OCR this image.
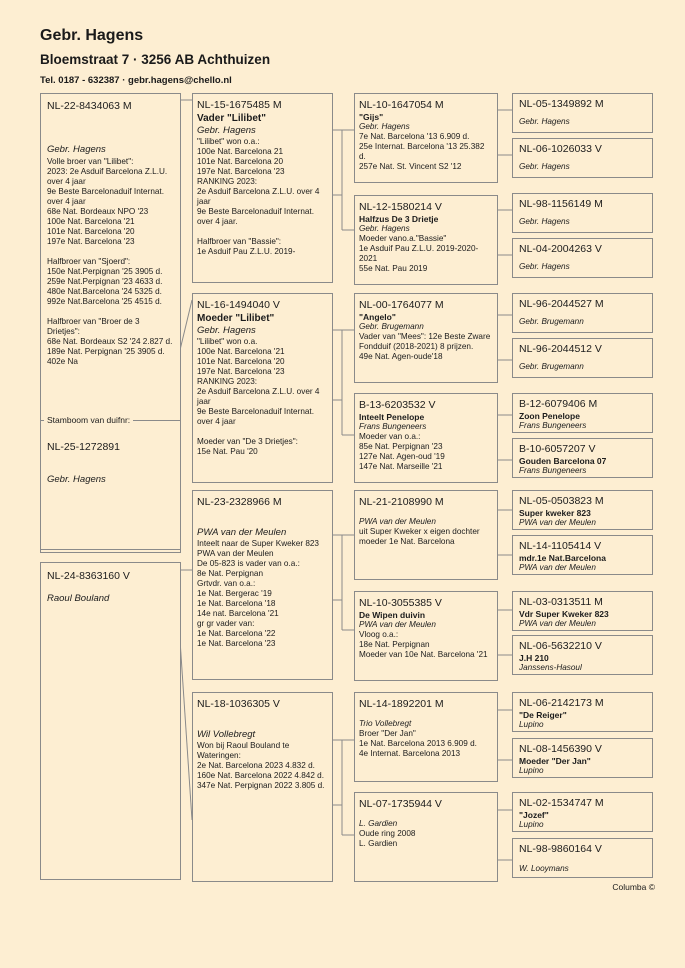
Gebr. Hagens
Bloemstraat 7 · 3256 AB Achthuizen
Tel. 0187 - 632387 · gebr.hagens@chello.nl
NL-22-8434063 M
Gebr. Hagens
Volle broer van "Lilibet":
2023: 2e Asduif Barcelona Z.L.U. over 4 jaar
9e Beste Barcelonaduif Internat. over 4 jaar
68e Nat. Bordeaux NPO '23
100e Nat. Barcelona '21
101e Nat. Barcelona '20
197e Nat. Barcelona '23

Halfbroer van "Sjoerd":
150e Nat.Perpignan '25 3905 d.
259e Nat.Perpignan '23 4633 d.
480e Nat.Barcelona '24 5325 d.
992e Nat.Barcelona '25 4515 d.

Halfbroer van "Broer de 3 Drietjes":
68e Nat. Bordeaux S2 '24 2.827 d.
189e Nat. Perpignan '25 3905 d.
402e Na
NL-25-1272891
Gebr. Hagens
Stamboom van duifnr:
NL-24-8363160 V
Raoul Bouland
NL-15-1675485 M
Vader "Lilibet"
Gebr. Hagens
"Lilibet" won o.a.:
100e Nat. Barcelona 21
101e Nat. Barcelona 20
197e Nat. Barcelona '23
RANKING 2023:
2e Asduif Barcelona Z.L.U. over 4 jaar
9e Beste Barcelonaduif Internat. over 4 jaar.

Halfbroer van "Bassie":
1e Asduif Pau Z.L.U. 2019-
NL-16-1494040 V
Moeder "Lilibet"
Gebr. Hagens
"Lilibet" won o.a.
100e Nat. Barcelona '21
101e Nat. Barcelona '20
197e Nat. Barcelona '23
RANKING 2023:
2e Asduif Barcelona Z.L.U. over 4 jaar
9e Beste Barcelonaduif Internat. over 4 jaar

Moeder van "De 3 Drietjes":
15e Nat. Pau '20
NL-23-2328966 M
PWA van der Meulen
Inteelt naar de Super Kweker 823 PWA van der Meulen
De 05-823 is vader van o.a.:
8e Nat. Perpignan
Grtvdr. van o.a.:
1e Nat. Bergerac '19
1e Nat. Barcelona '18
14e nat. Barcelona '21
gr gr vader van:
1e Nat. Barcelona '22
1e Nat. Barcelona '23
NL-18-1036305 V
Wil Vollebregt
Won bij Raoul Bouland te Wateringen:
2e Nat. Barcelona 2023 4.832 d.
160e Nat. Barcelona 2022 4.842 d.
347e Nat. Perpignan 2022 3.805 d.
NL-10-1647054 M
"Gijs"
Gebr. Hagens
7e Nat. Barcelona '13 6.909 d.
25e Internat. Barcelona '13 25.382 d.
257e Nat. St. Vincent S2 '12
NL-12-1580214 V
Halfzus De 3 Drietje
Gebr. Hagens
Moeder vano.a."Bassie"
1e Asduif Pau Z.L.U. 2019-2020-2021
55e Nat. Pau 2019
NL-00-1764077 M
"Angelo"
Gebr. Brugemann
Vader van "Mees": 12e Beste Zware Fondduif (2018-2021) 8 prijzen.
49e Nat. Agen-oude'18
B-13-6203532 V
Inteelt Penelope
Frans Bungeneers
Moeder van o.a.:
85e Nat. Perpignan '23
127e Nat. Agen-oud '19
147e Nat. Marseille '21
NL-21-2108990 M
PWA van der Meulen
uit Super Kweker x eigen dochter moeder 1e Nat. Barcelona
NL-10-3055385 V
De Wipen duivin
PWA van der Meulen
Vloog o.a.:
18e Nat. Perpignan
Moeder van 10e Nat. Barcelona '21
NL-14-1892201 M
Trio Vollebregt
Broer "Der Jan"
1e Nat. Barcelona 2013 6.909 d.
4e Internat. Barcelona 2013
NL-07-1735944 V
L. Gardien
Oude ring 2008
L. Gardien
NL-05-1349892 M
Gebr. Hagens
NL-06-1026033 V
Gebr. Hagens
NL-98-1156149 M
Gebr. Hagens
NL-04-2004263 V
Gebr. Hagens
NL-96-2044527 M
Gebr. Brugemann
NL-96-2044512 V
Gebr. Brugemann
B-12-6079406 M
Zoon Penelope
Frans Bungeneers
B-10-6057207 V
Gouden Barcelona 07
Frans Bungeneers
NL-05-0503823 M
Super kweker 823
PWA van der Meulen
NL-14-1105414 V
mdr.1e Nat.Barcelona
PWA van der Meulen
NL-03-0313511 M
Vdr Super Kweker 823
PWA van der Meulen
NL-06-5632210 V
J.H 210
Janssens-Hasoul
NL-06-2142173 M
"De Reiger"
Lupino
NL-08-1456390 V
Moeder "Der Jan"
Lupino
NL-02-1534747 M
"Jozef"
Lupino
NL-98-9860164 V
W. Looymans
Columba ©
